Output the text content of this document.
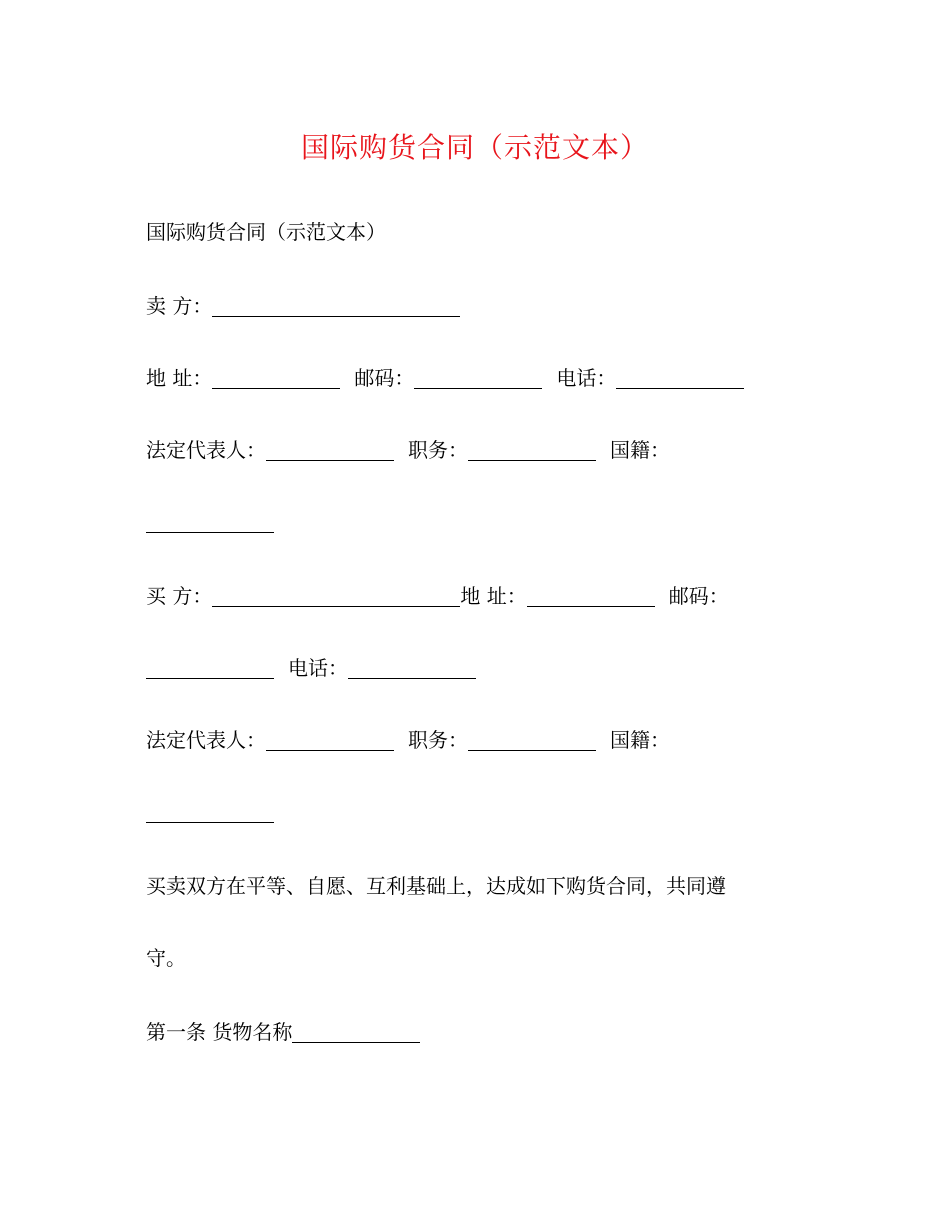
国际购货合同（示范文本）
国际购货合同（示范文本）
卖 方：
地 址：	邮码：	电话：
法定代表人：	职务：	国籍：
买 方：	地 址：	邮码：
电话：
法定代表人：	职务：	国籍：
买卖双方在平等、自愿、互利基础上，达成如下购货合同，共同遵
守。
第一条 货物名称
